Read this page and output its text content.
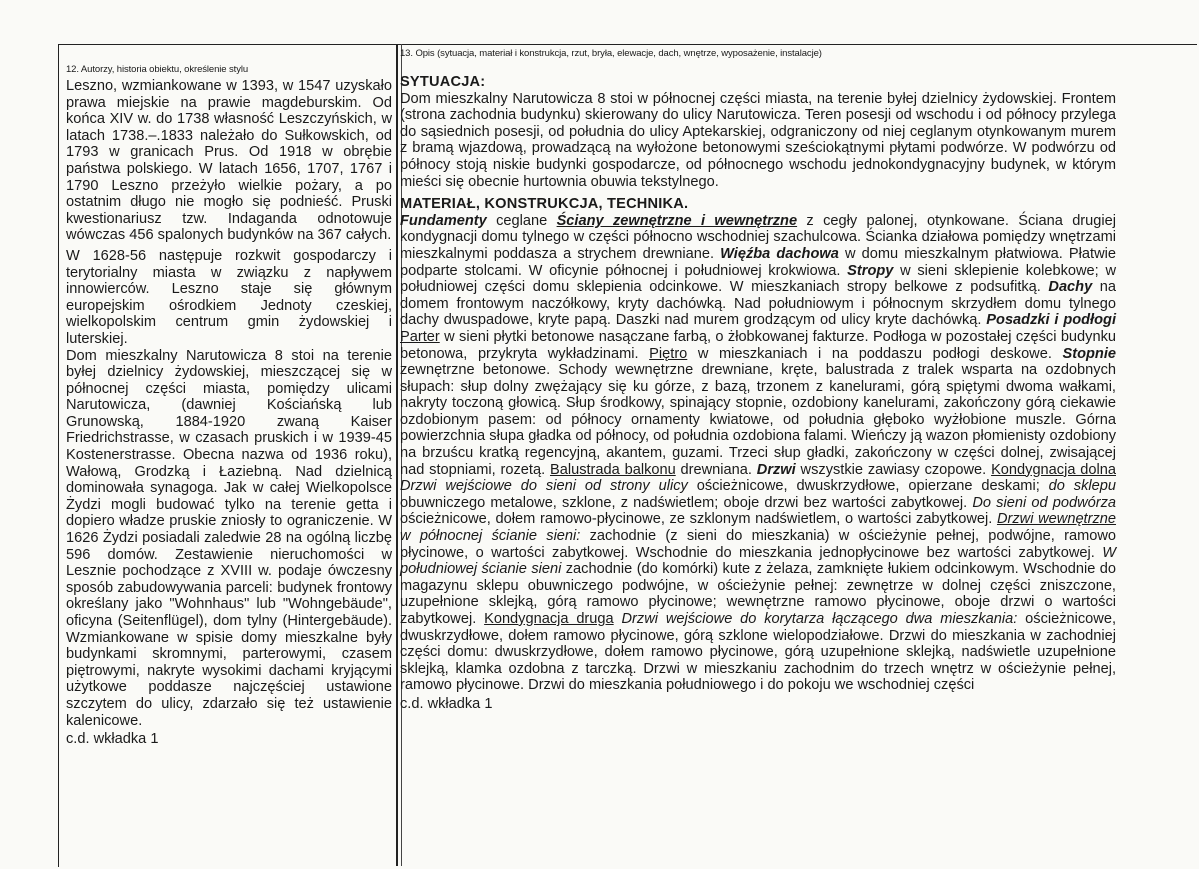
12. Autorzy, historia obiektu, określenie stylu

Leszno, wzmiankowane w 1393, w 1547 uzyskało prawa miejskie na prawie magdeburskim. Od końca XIV w. do 1738 własność Leszczyńskich, w latach 1738.–.1833 należało do Sułkowskich, od 1793 w granicach Prus. Od 1918 w obrębie państwa polskiego. W latach 1656, 1707, 1767 i 1790 Leszno przeżyło wielkie pożary, a po ostatnim długo nie mogło się podnieść. Pruski kwestionariusz tzw. Indaganda odnotowuje wówczas 456 spalonych budynków na 367 całych.

W 1628-56 następuje rozkwit gospodarczy i terytorialny miasta w związku z napływem innowierców. Leszno staje się głównym europejskim ośrodkiem Jednoty czeskiej, wielkopolskim centrum gmin żydowskiej i luterskiej.

Dom mieszkalny Narutowicza 8 stoi na terenie byłej dzielnicy żydowskiej, mieszczącej się w północnej części miasta, pomiędzy ulicami Narutowicza, (dawniej Kościańską lub Grunowską, 1884-1920 zwaną Kaiser Friedrichstrasse, w czasach pruskich i w 1939-45 Kostenerstrasse. Obecna nazwa od 1936 roku), Wałową, Grodzką i Łaziebną. Nad dzielnicą dominowała synagoga. Jak w całej Wielkopolsce Żydzi mogli budować tylko na terenie getta i dopiero władze pruskie zniosły to ograniczenie. W 1626 Żydzi posiadali zaledwie 28 na ogólną liczbę 596 domów. Zestawienie nieruchomości w Lesznie pochodzące z XVIII w. podaje ówczesny sposób zabudowywania parceli: budynek frontowy określany jako "Wohnhaus" lub "Wohngebäude", oficyna (Seitenflügel), dom tylny (Hintergebäude). Wzmiankowane w spisie domy mieszkalne były budynkami skromnymi, parterowymi, czasem piętrowymi, nakryte wysokimi dachami kryjącymi użytkowe poddasze najczęściej ustawione szczytem do ulicy, zdarzało się też ustawienie kalenicowe.

c.d. wkładka 1

13. Opis (sytuacja, materiał i konstrukcja, rzut, bryła, elewacje, dach, wnętrze, wyposażenie, instalacje)
SYTUACJA:

Dom mieszkalny Narutowicza 8 stoi w północnej części miasta, na terenie byłej dzielnicy żydowskiej. Frontem (strona zachodnia budynku) skierowany do ulicy Narutowicza. Teren posesji od wschodu i od północy przylega do sąsiednich posesji, od południa do ulicy Aptekarskiej, odgraniczony od niej ceglanym otynkowanym murem z bramą wjazdową, prowadzącą na wyłożone betonowymi sześciokątnymi płytami podwórze. W podwórzu od północy stoją niskie budynki gospodarcze, od północnego wschodu jednokondygnacyjny budynek, w którym mieści się obecnie hurtownia obuwia tekstylnego.

MATERIAŁ, KONSTRUKCJA, TECHNIKA.

Fundamenty ceglane Ściany zewnętrzne i wewnętrzne z cegły palonej, otynkowane. Ściana drugiej kondygnacji domu tylnego w części północno wschodniej szachulcowa. Ścianka działowa pomiędzy wnętrzami mieszkalnymi poddasza a strychem drewniane. Więźba dachowa w domu mieszkalnym płatwiowa. Płatwie podparte stolcami. W oficynie północnej i południowej krokwiowa. Stropy w sieni sklepienie kolebkowe; w południowej części domu sklepienia odcinkowe. W mieszkaniach stropy belkowe z podsufitką. Dachy na domem frontowym naczółkowy, kryty dachówką. Nad południowym i północnym skrzydłem domu tylnego dachy dwuspadowe, kryte papą. Daszki nad murem grodzącym od ulicy kryte dachówką. Posadzki i podłogi Parter w sieni płytki betonowe nasączane farbą, o żłobkowanej fakturze. Podłoga w pozostałej części budynku betonowa, przykryta wykładzinami. Piętro w mieszkaniach i na poddaszu podłogi deskowe. Stopnie zewnętrzne betonowe. Schody wewnętrzne drewniane, kręte, balustrada z tralek wsparta na ozdobnych słupach: słup dolny zwężający się ku górze, z bazą, trzonem z kanelurami, górą spiętymi dwoma wałkami, nakryty toczoną głowicą. Słup środkowy, spinający stopnie, ozdobiony kanelurami, zakończony górą ciekawie ozdobionym pasem: od północy ornamenty kwiatowe, od południa głęboko wyżłobione muszle. Górna powierzchnia słupa gładka od północy, od południa ozdobiona falami. Wieńczy ją wazon płomienisty ozdobiony na brzuścu kratką regencyjną, akantem, guzami. Trzeci słup gładki, zakończony w części dolnej, zwisającej nad stopniami, rozetą. Balustrada balkonu drewniana. Drzwi wszystkie zawiasy czopowe. Kondygnacja dolna Drzwi wejściowe do sieni od strony ulicy ościeżnicowe, dwuskrzydłowe, opierzane deskami; do sklepu obuwniczego metalowe, szklone, z nadświetlem; oboje drzwi bez wartości zabytkowej. Do sieni od podwórza ościeżnicowe, dołem ramowo-płycinowe, ze szklonym nadświetlem, o wartości zabytkowej. Drzwi wewnętrzne w północnej ścianie sieni: zachodnie (z sieni do mieszkania) w ościeżynie pełnej, podwójne, ramowo płycinowe, o wartości zabytkowej. Wschodnie do mieszkania jednopłycinowe bez wartości zabytkowej. W południowej ścianie sieni zachodnie (do komórki) kute z żelaza, zamknięte łukiem odcinkowym. Wschodnie do magazynu sklepu obuwniczego podwójne, w ościeżynie pełnej: zewnętrze w dolnej części zniszczone, uzupełnione sklejką, górą ramowo płycinowe; wewnętrzne ramowo płycinowe, oboje drzwi o wartości zabytkowej. Kondygnacja druga Drzwi wejściowe do korytarza łączącego dwa mieszkania: ościeżnicowe, dwuskrzydłowe, dołem ramowo płycinowe, górą szklone wielopodziałowe. Drzwi do mieszkania w zachodniej części domu: dwuskrzydłowe, dołem ramowo płycinowe, górą uzupełnione sklejką, nadświetle uzupełnione sklejką, klamka ozdobna z tarczką. Drzwi w mieszkaniu zachodnim do trzech wnętrz w ościeżynie pełnej, ramowo płycinowe. Drzwi do mieszkania południowego i do pokoju we wschodniej części

c.d. wkładka 1
